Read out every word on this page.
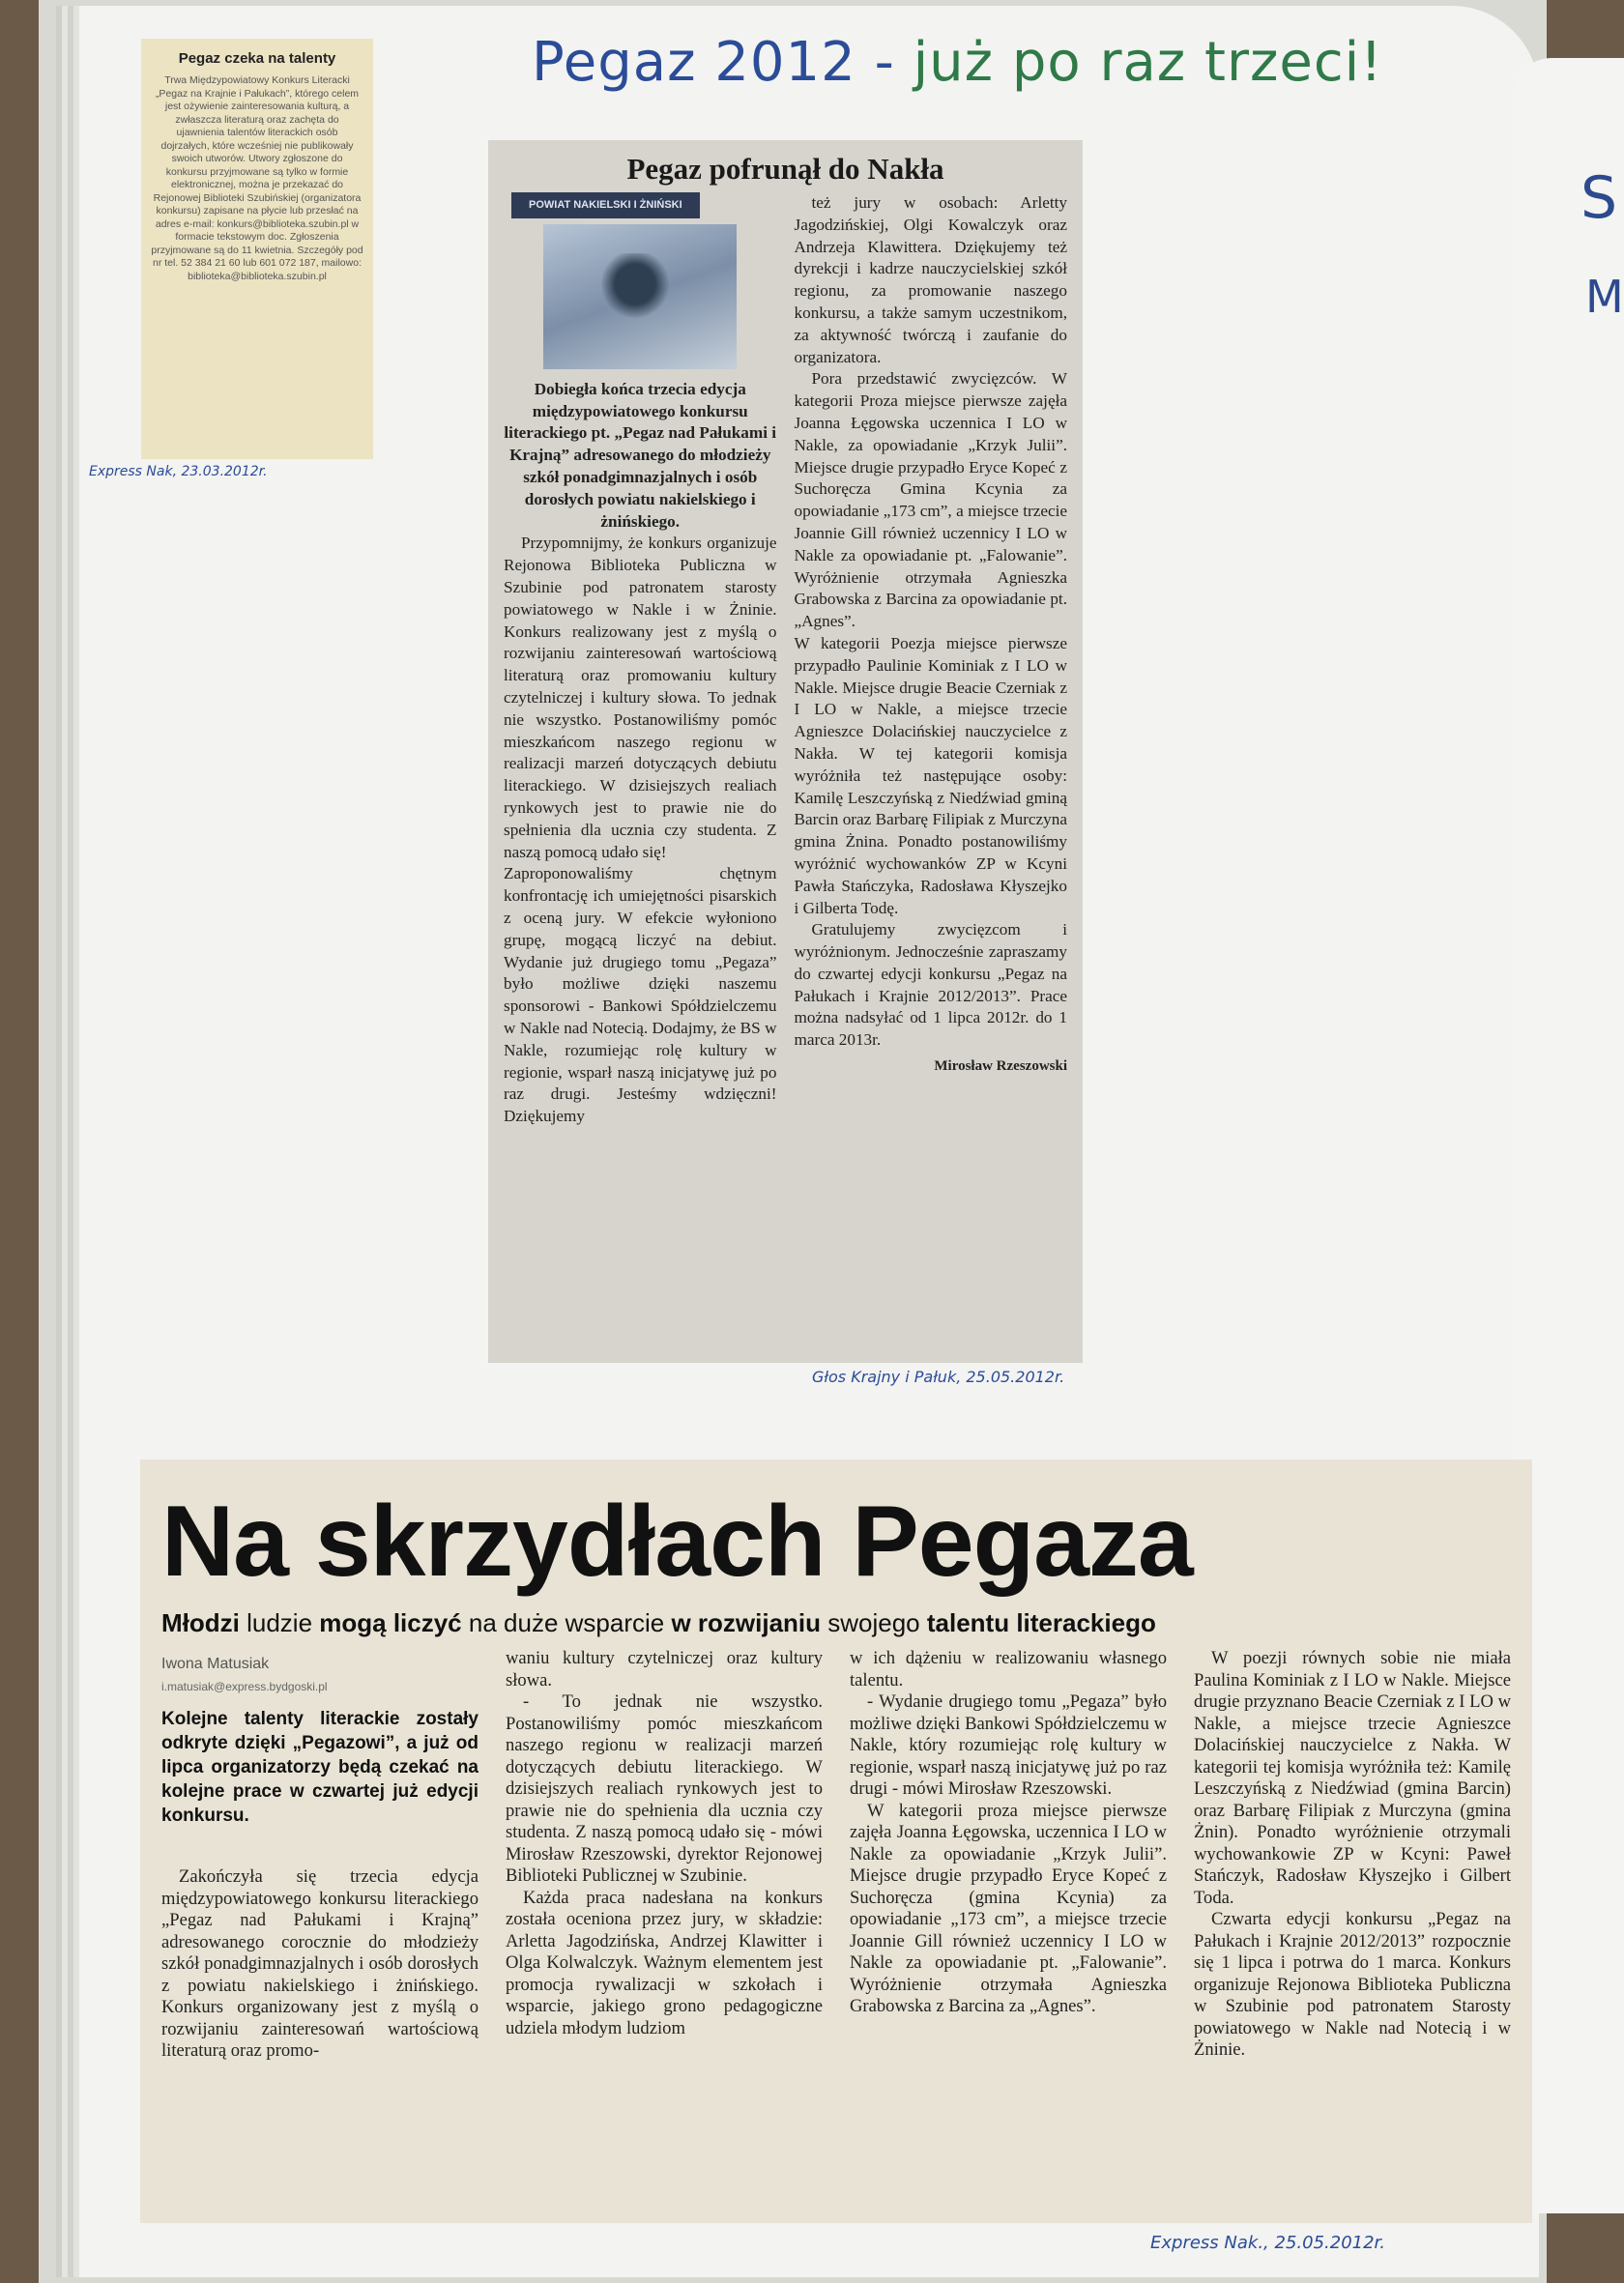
S
M
Pegaz 2012 - już po raz trzeci!
Pegaz czeka na talenty
Trwa Międzypowiatowy Konkurs Literacki „Pegaz na Krajnie i Pałukach”, którego celem jest ożywienie zainteresowania kulturą, a zwłaszcza literaturą oraz zachęta do ujawnienia talentów literackich osób dojrzałych, które wcześniej nie publikowały swoich utworów. Utwory zgłoszone do konkursu przyjmowane są tylko w formie elektronicznej, można je przekazać do Rejonowej Biblioteki Szubińskiej (organizatora konkursu) zapisane na płycie lub przesłać na adres e-mail: konkurs@biblioteka.szubin.pl w formacie tekstowym doc. Zgłoszenia przyjmowane są do 11 kwietnia. Szczegóły pod nr tel. 52 384 21 60 lub 601 072 187, mailowo: biblioteka@biblioteka.szubin.pl
Express Nak, 23.03.2012r.
Pegaz pofrunął do Nakła
POWIAT NAKIELSKI I ŻNIŃSKI
Dobiegła końca trzecia edycja międzypowiatowego konkursu literackiego pt. „Pegaz nad Pałukami i Krajną” adresowanego do młodzieży szkół ponadgimnazjalnych i osób dorosłych powiatu nakielskiego i żnińskiego.

Przypomnijmy, że konkurs organizuje Rejonowa Biblioteka Publiczna w Szubinie pod patronatem starosty powiatowego w Nakle i w Żninie. Konkurs realizowany jest z myślą o rozwijaniu zainteresowań wartościową literaturą oraz promowaniu kultury czytelniczej i kultury słowa. To jednak nie wszystko. Postanowiliśmy pomóc mieszkańcom naszego regionu w realizacji marzeń dotyczących debiutu literackiego. W dzisiejszych realiach rynkowych jest to prawie nie do spełnienia dla ucznia czy studenta. Z naszą pomocą udało się!

Zaproponowaliśmy chętnym konfrontację ich umiejętności pisarskich z oceną jury. W efekcie wyłoniono grupę, mogącą liczyć na debiut. Wydanie już drugiego tomu „Pegaza” było możliwe dzięki naszemu sponsorowi - Bankowi Spółdzielczemu w Nakle nad Notecią. Dodajmy, że BS w Nakle, rozumiejąc rolę kultury w regionie, wsparł naszą inicjatywę już po raz drugi. Jesteśmy wdzięczni! Dziękujemy

też jury w osobach: Arletty Jagodzińskiej, Olgi Kowalczyk oraz Andrzeja Klawittera. Dziękujemy też dyrekcji i kadrze nauczycielskiej szkół regionu, za promowanie naszego konkursu, a także samym uczestnikom, za aktywność twórczą i zaufanie do organizatora.

Pora przedstawić zwycięzców. W kategorii Proza miejsce pierwsze zajęła Joanna Łęgowska uczennica I LO w Nakle, za opowiadanie „Krzyk Julii”. Miejsce drugie przypadło Eryce Kopeć z Suchoręcza Gmina Kcynia za opowiadanie „173 cm”, a miejsce trzecie Joannie Gill również uczennicy I LO w Nakle za opowiadanie pt. „Falowanie”. Wyróżnienie otrzymała Agnieszka Grabowska z Barcina za opowiadanie pt. „Agnes”.

W kategorii Poezja miejsce pierwsze przypadło Paulinie Kominiak z I LO w Nakle. Miejsce drugie Beacie Czerniak z I LO w Nakle, a miejsce trzecie Agnieszce Dolacińskiej nauczycielce z Nakła. W tej kategorii komisja wyróżniła też następujące osoby: Kamilę Leszczyńską z Niedźwiad gminą Barcin oraz Barbarę Filipiak z Murczyna gmina Żnina. Ponadto postanowiliśmy wyróżnić wychowanków ZP w Kcyni Pawła Stańczyka, Radosława Kłyszejko i Gilberta Todę.

Gratulujemy zwycięzcom i wyróżnionym. Jednocześnie zapraszamy do czwartej edycji konkursu „Pegaz na Pałukach i Krajnie 2012/2013”. Prace można nadsyłać od 1 lipca 2012r. do 1 marca 2013r.

Mirosław Rzeszowski
Głos Krajny i Pałuk, 25.05.2012r.
Na skrzydłach Pegaza
Młodzi ludzie mogą liczyć na duże wsparcie w rozwijaniu swojego talentu literackiego
Iwona Matusiak
i.matusiak@express.bydgoski.pl
Kolejne talenty literackie zostały odkryte dzięki „Pegazowi”, a już od lipca organizatorzy będą czekać na kolejne prace w czwartej już edycji konkursu.

Zakończyła się trzecia edycja międzypowiatowego konkursu literackiego „Pegaz nad Pałukami i Krajną” adresowanego corocznie do młodzieży szkół ponadgimnazjalnych i osób dorosłych z powiatu nakielskiego i żnińskiego. Konkurs organizowany jest z myślą o rozwijaniu zainteresowań wartościową literaturą oraz promo-

waniu kultury czytelniczej oraz kultury słowa.

- To jednak nie wszystko. Postanowiliśmy pomóc mieszkańcom naszego regionu w realizacji marzeń dotyczących debiutu literackiego. W dzisiejszych realiach rynkowych jest to prawie nie do spełnienia dla ucznia czy studenta. Z naszą pomocą udało się - mówi Mirosław Rzeszowski, dyrektor Rejonowej Biblioteki Publicznej w Szubinie.

Każda praca nadesłana na konkurs została oceniona przez jury, w składzie: Arletta Jagodzińska, Andrzej Klawitter i Olga Kolwalczyk. Ważnym elementem jest promocja rywalizacji w szkołach i wsparcie, jakiego grono pedagogiczne udziela młodym ludziom

w ich dążeniu w realizowaniu własnego talentu.

- Wydanie drugiego tomu „Pegaza” było możliwe dzięki Bankowi Spółdzielczemu w Nakle, który rozumiejąc rolę kultury w regionie, wsparł naszą inicjatywę już po raz drugi - mówi Mirosław Rzeszowski.

W kategorii proza miejsce pierwsze zajęła Joanna Łęgowska, uczennica I LO w Nakle za opowiadanie „Krzyk Julii”. Miejsce drugie przypadło Eryce Kopeć z Suchoręcza (gmina Kcynia) za opowiadanie „173 cm”, a miejsce trzecie Joannie Gill również uczennicy I LO w Nakle za opowiadanie pt. „Falowanie”. Wyróżnienie otrzymała Agnieszka Grabowska z Barcina za „Agnes”.

W poezji równych sobie nie miała Paulina Kominiak z I LO w Nakle. Miejsce drugie przyznano Beacie Czerniak z I LO w Nakle, a miejsce trzecie Agnieszce Dolacińskiej nauczycielce z Nakła. W kategorii tej komisja wyróżniła też: Kamilę Leszczyńską z Niedźwiad (gmina Barcin) oraz Barbarę Filipiak z Murczyna (gmina Żnin). Ponadto wyróżnienie otrzymali wychowankowie ZP w Kcyni: Paweł Stańczyk, Radosław Kłyszejko i Gilbert Toda.

Czwarta edycji konkursu „Pegaz na Pałukach i Krajnie 2012/2013” rozpocznie się 1 lipca i potrwa do 1 marca. Konkurs organizuje Rejonowa Biblioteka Publiczna w Szubinie pod patronatem Starosty powiatowego w Nakle nad Notecią i w Żninie.

Express Nak., 25.05.2012r.
